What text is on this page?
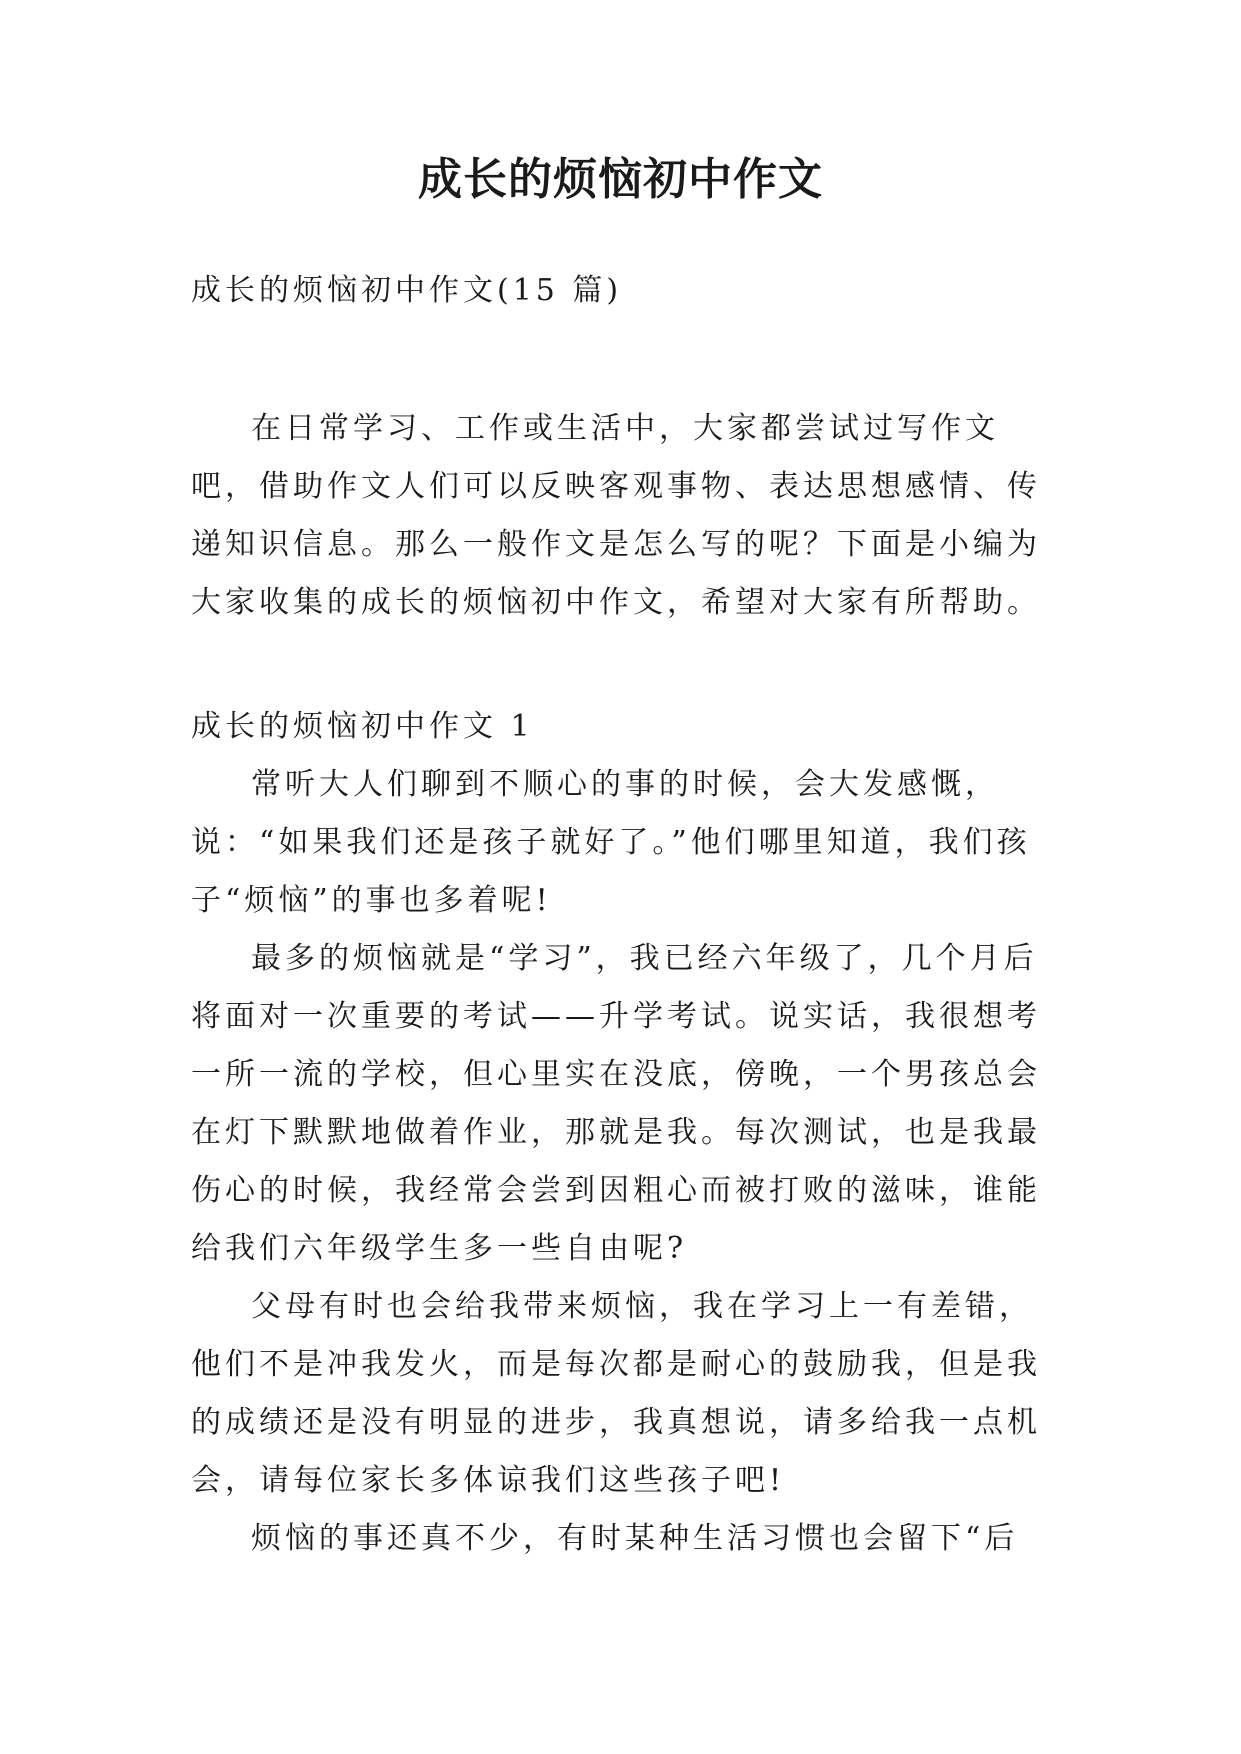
成长的烦恼初中作文

成长的烦恼初中作文(15 篇)

在日常学习、工作或生活中，大家都尝试过写作文吧，借助作文人们可以反映客观事物、表达思想感情、传递知识信息。那么一般作文是怎么写的呢？下面是小编为大家收集的成长的烦恼初中作文，希望对大家有所帮助。

成长的烦恼初中作文 1

常听大人们聊到不顺心的事的时候，会大发感慨，说：“如果我们还是孩子就好了。”他们哪里知道，我们孩子“烦恼”的事也多着呢!

最多的烦恼就是“学习”，我已经六年级了，几个月后将面对一次重要的考试——升学考试。说实话，我很想考一所一流的学校，但心里实在没底，傍晚，一个男孩总会在灯下默默地做着作业，那就是我。每次测试，也是我最伤心的时候，我经常会尝到因粗心而被打败的滋味，谁能给我们六年级学生多一些自由呢?

父母有时也会给我带来烦恼，我在学习上一有差错，他们不是冲我发火，而是每次都是耐心的鼓励我，但是我的成绩还是没有明显的进步，我真想说，请多给我一点机会，请每位家长多体谅我们这些孩子吧!

烦恼的事还真不少，有时某种生活习惯也会留下“后
